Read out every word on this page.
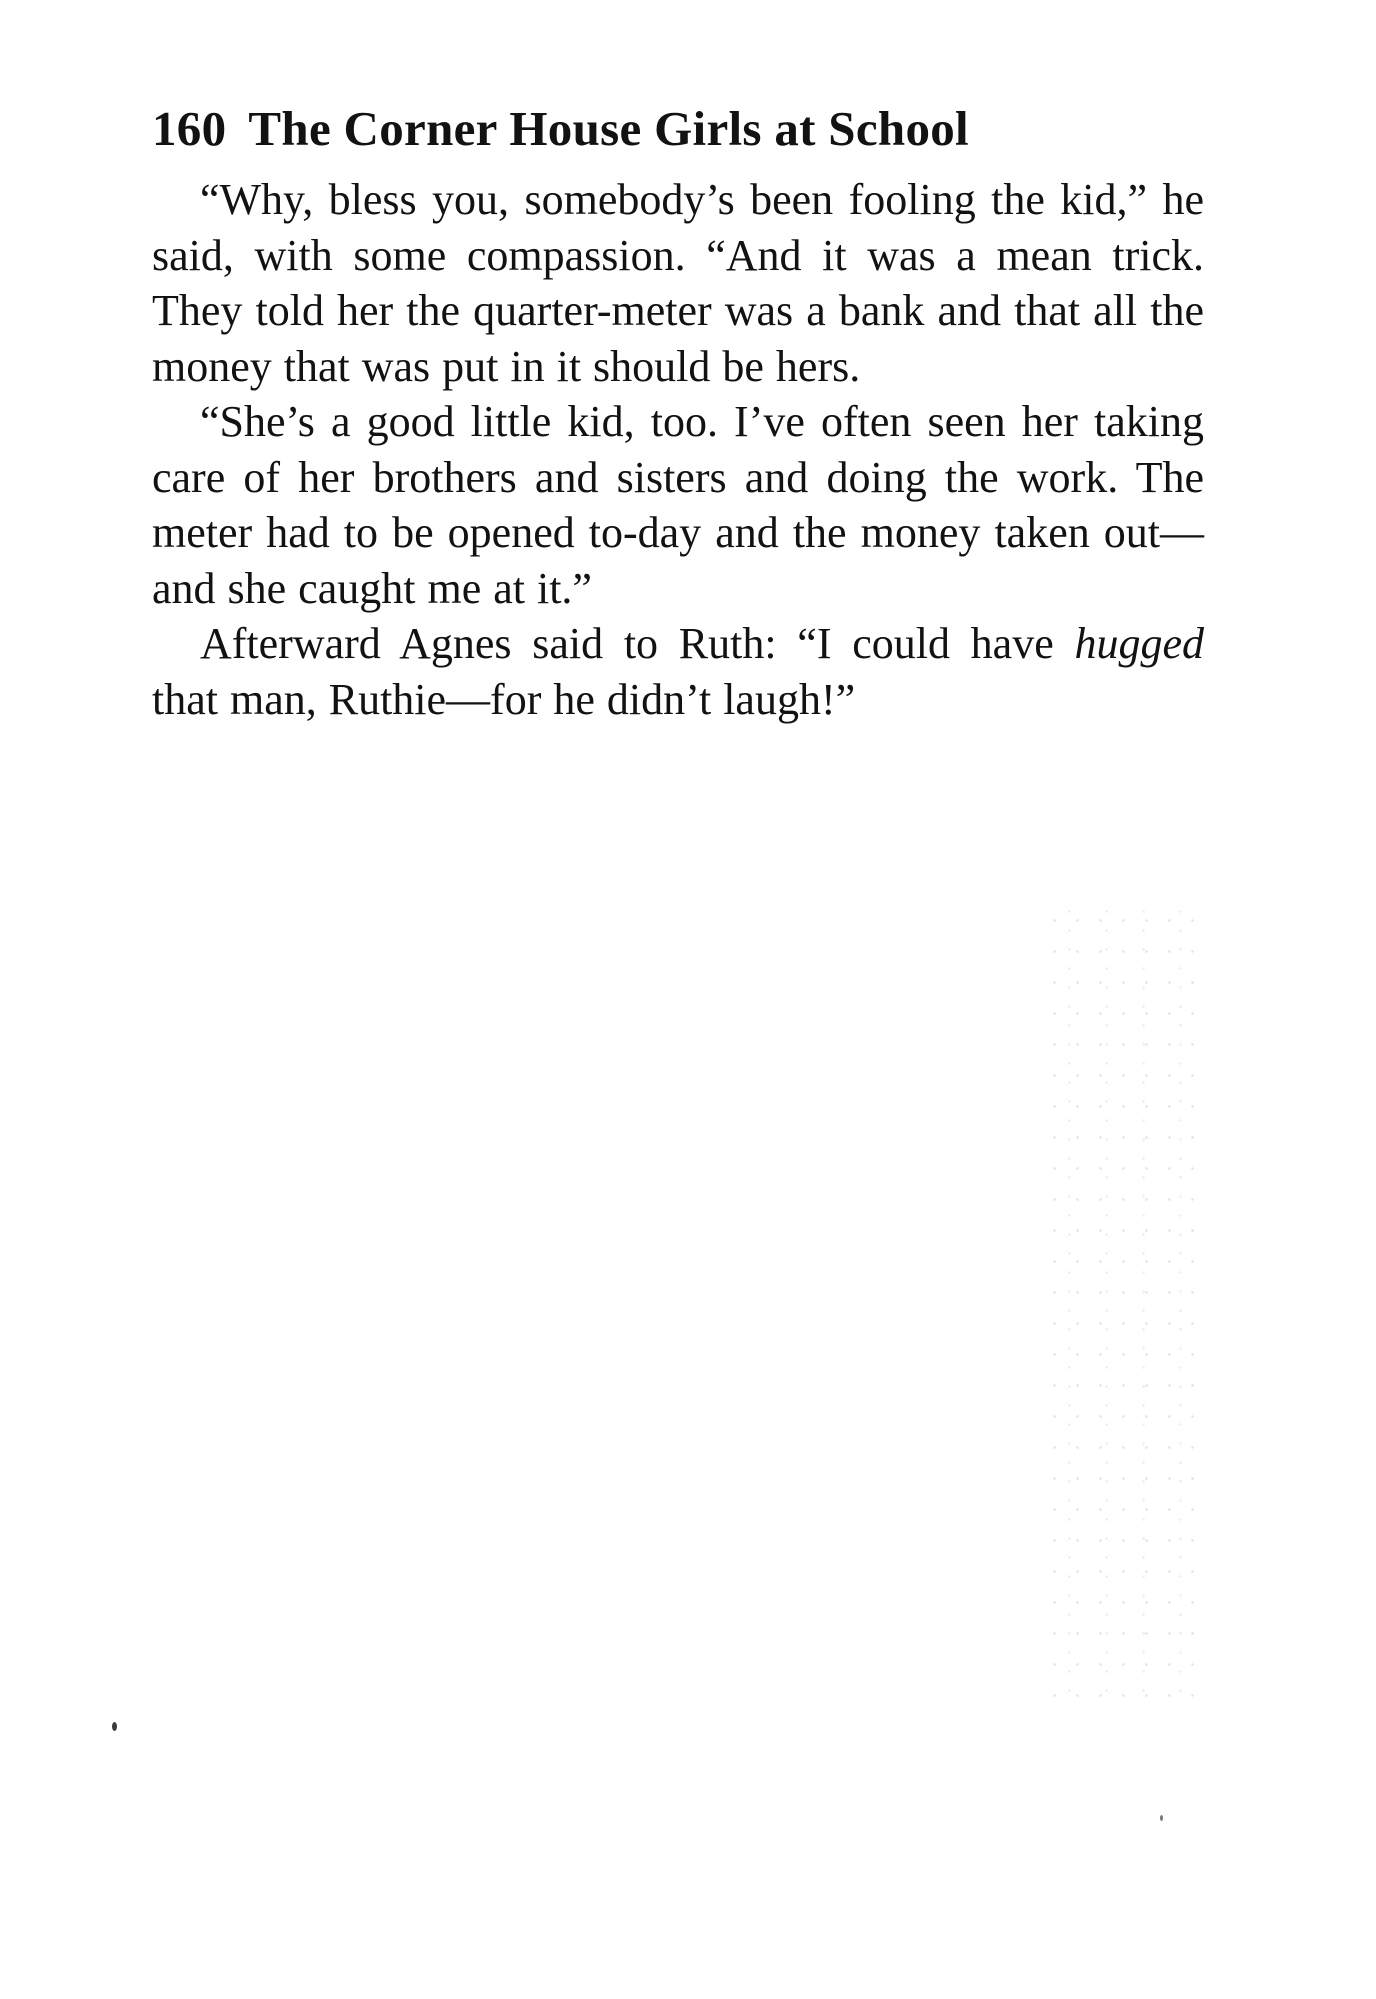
160 The Corner House Girls at School

“Why, bless you, somebody’s been fooling the kid,” he said, with some compassion. “And it was a mean trick. They told her the quarter-meter was a bank and that all the money that was put in it should be hers.

“She’s a good little kid, too. I’ve often seen her taking care of her brothers and sisters and doing the work. The meter had to be opened to-day and the money taken out—and she caught me at it.”

Afterward Agnes said to Ruth: “I could have hugged that man, Ruthie—for he didn’t laugh!”
